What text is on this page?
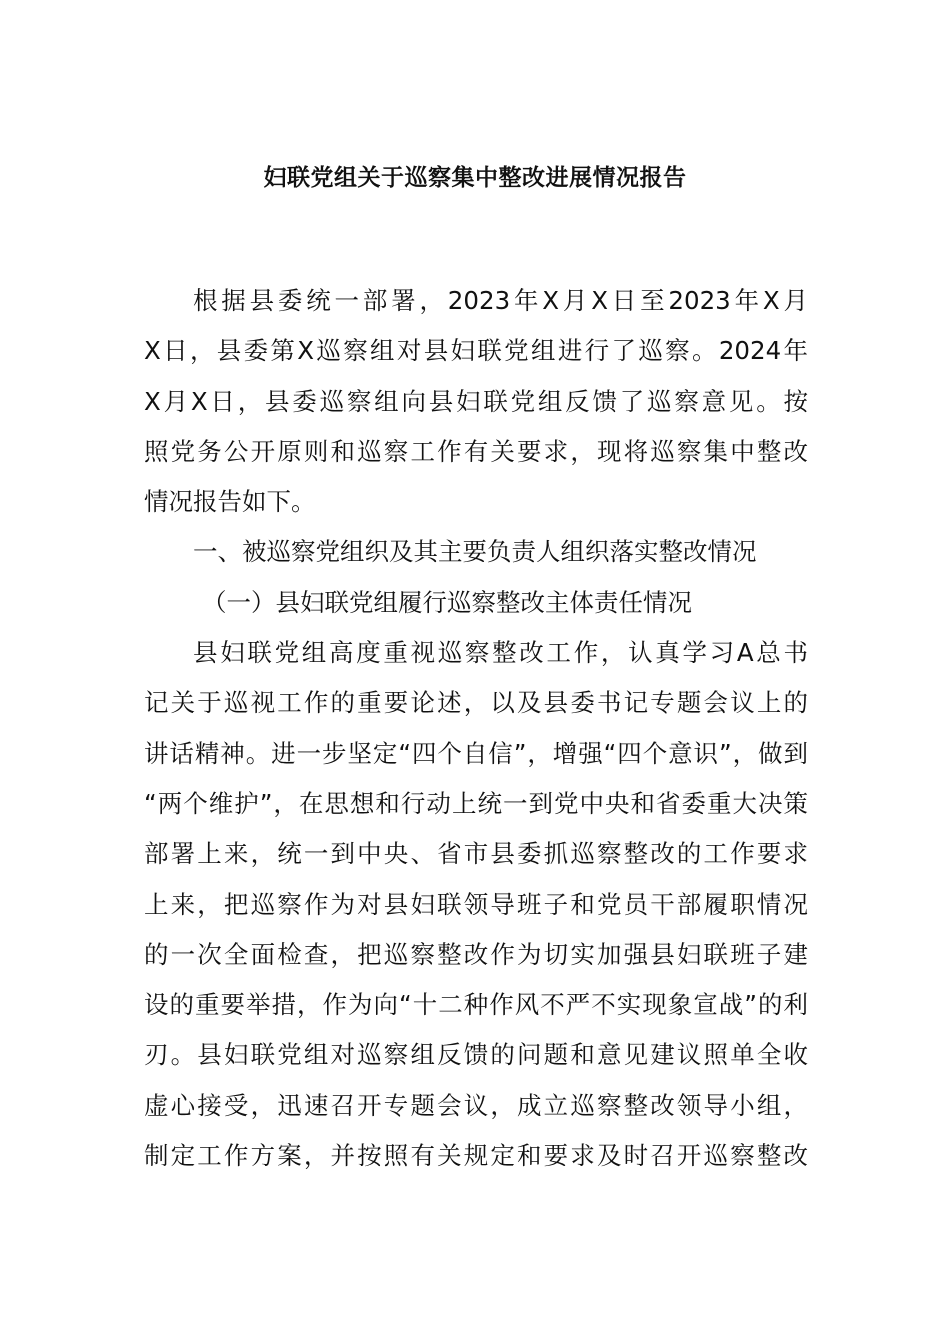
妇联党组关于巡察集中整改进展情况报告
根据县委统一部署，2023年X月X日至2023年X月
X日，县委第X巡察组对县妇联党组进行了巡察。2024年
X月X日，县委巡察组向县妇联党组反馈了巡察意见。按
照党务公开原则和巡察工作有关要求，现将巡察集中整改
情况报告如下。
一、被巡察党组织及其主要负责人组织落实整改情况
（一）县妇联党组履行巡察整改主体责任情况
县妇联党组高度重视巡察整改工作，认真学习A总书
记关于巡视工作的重要论述，以及县委书记专题会议上的
讲话精神。进一步坚定“四个自信”，增强“四个意识”，做到
“两个维护”，在思想和行动上统一到党中央和省委重大决策
部署上来，统一到中央、省市县委抓巡察整改的工作要求
上来，把巡察作为对县妇联领导班子和党员干部履职情况
的一次全面检查，把巡察整改作为切实加强县妇联班子建
设的重要举措，作为向“十二种作风不严不实现象宣战”的利
刃。县妇联党组对巡察组反馈的问题和意见建议照单全收
虚心接受，迅速召开专题会议，成立巡察整改领导小组，
制定工作方案，并按照有关规定和要求及时召开巡察整改
